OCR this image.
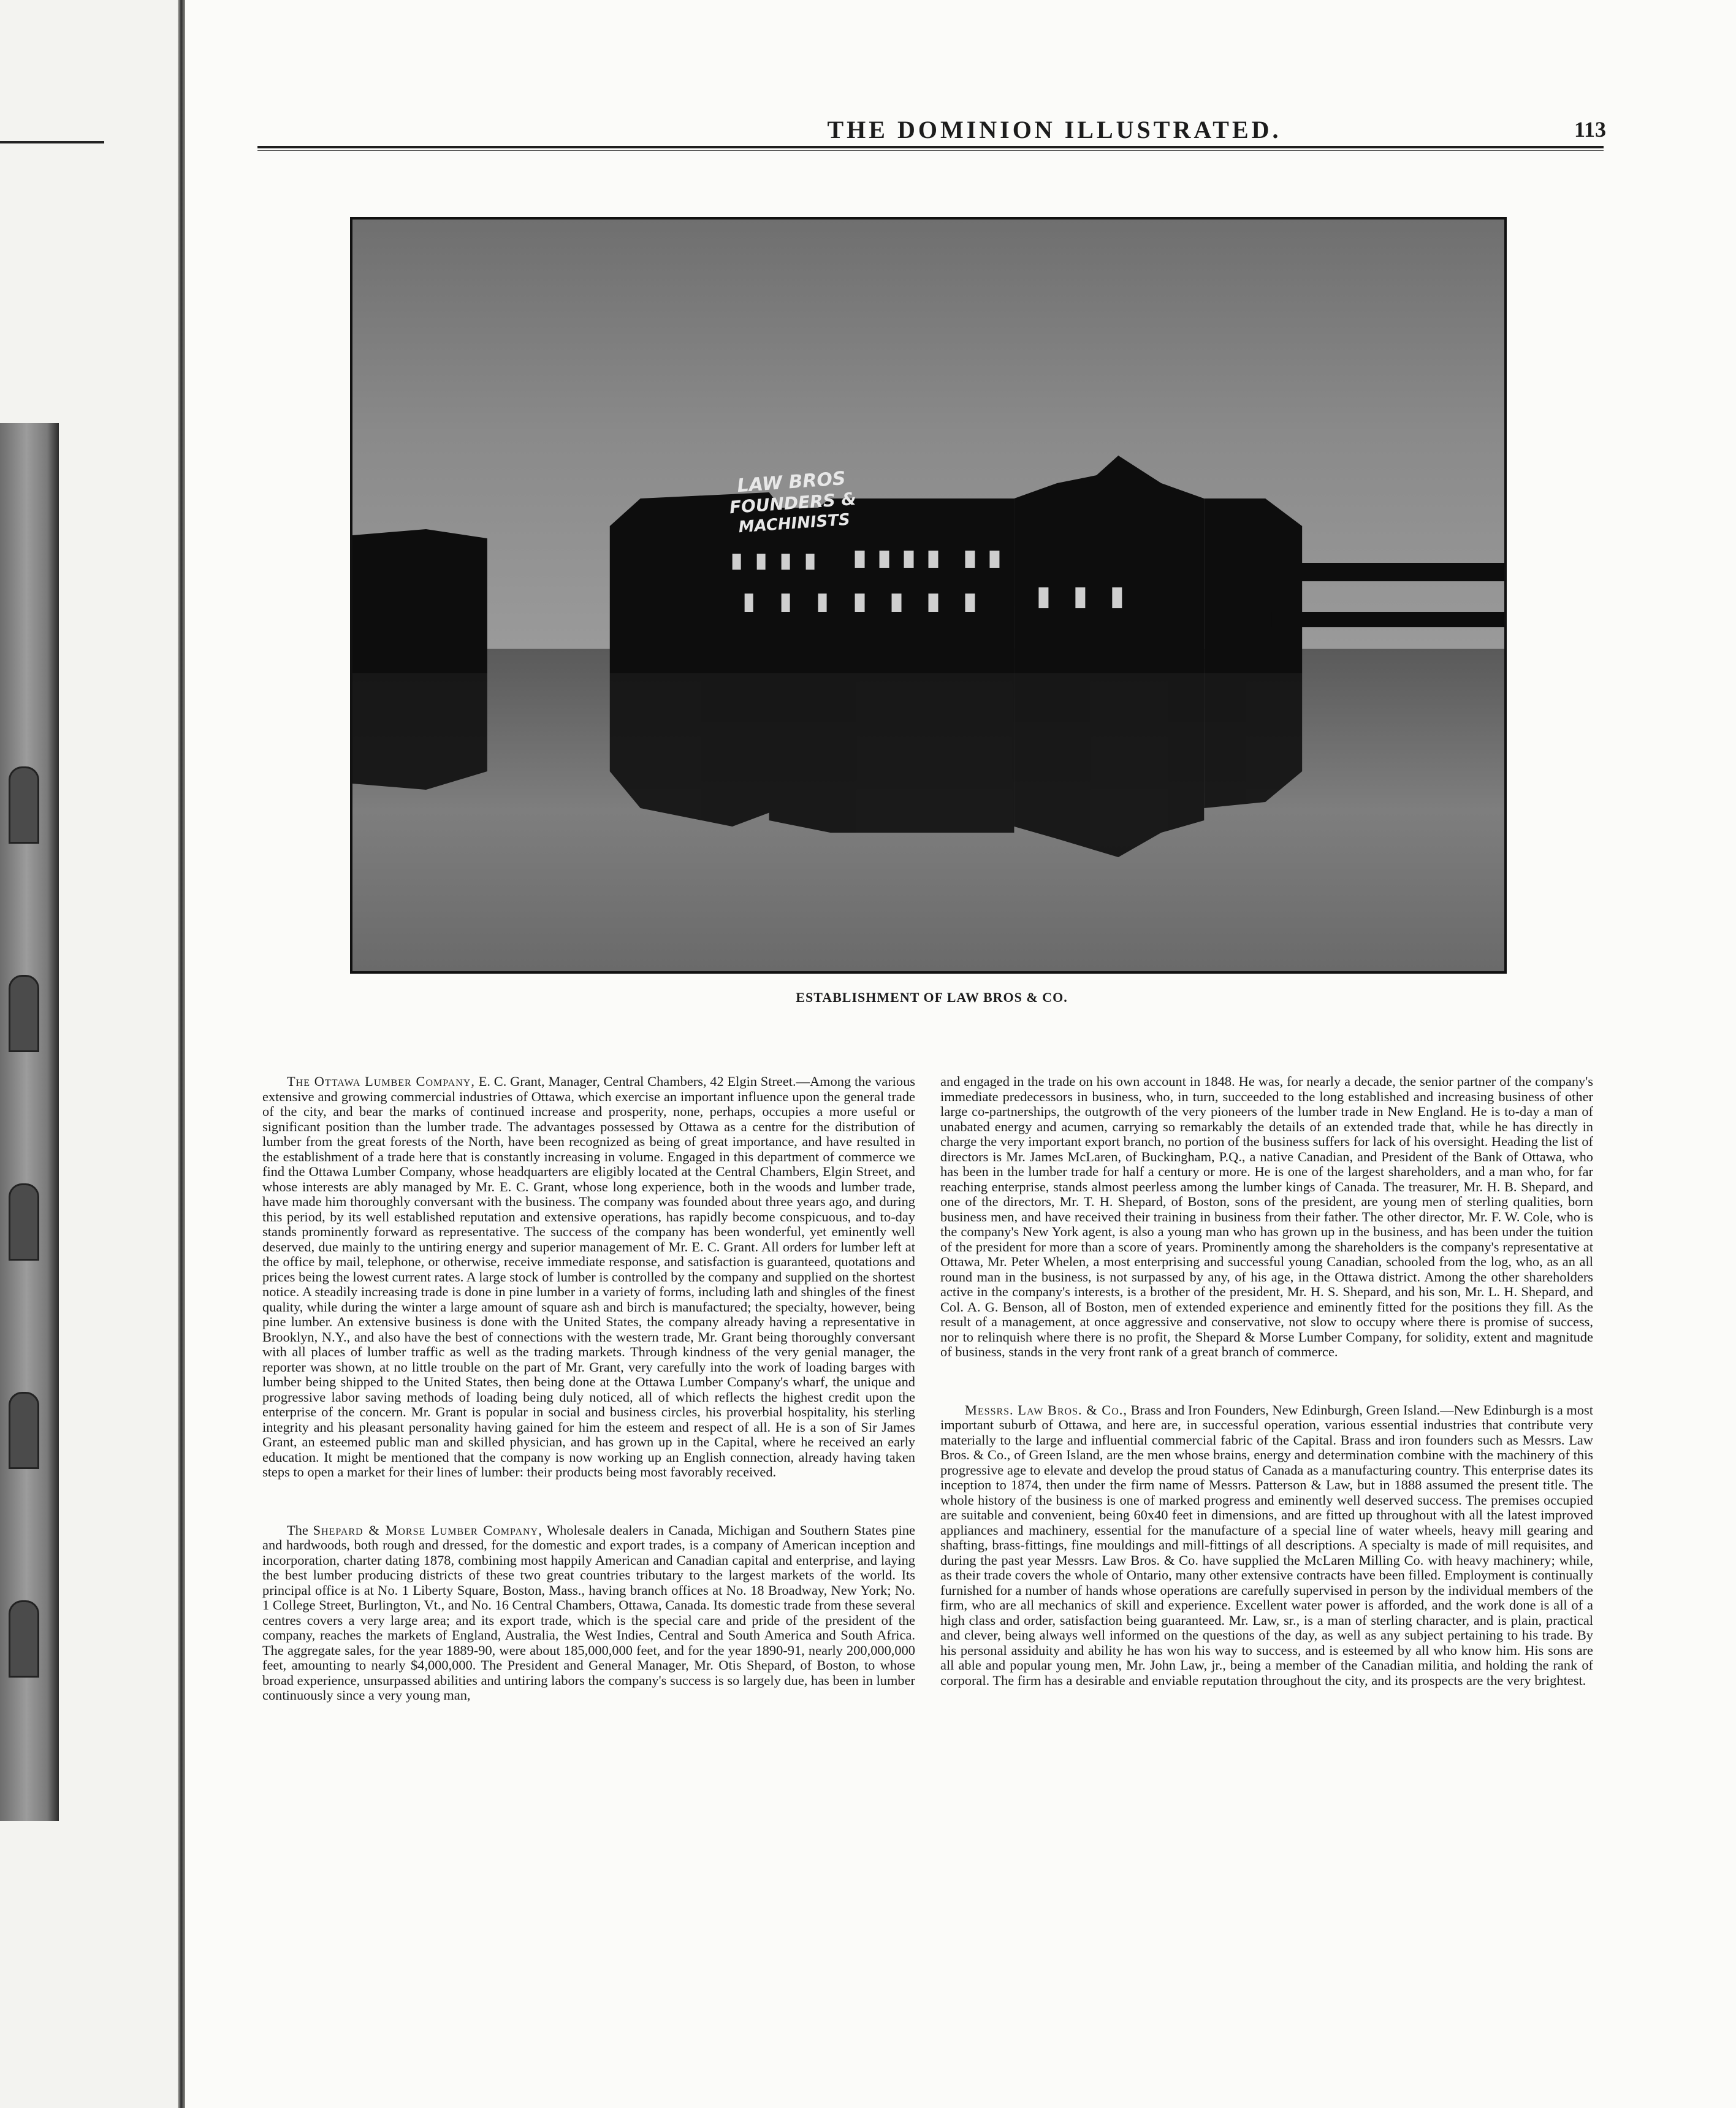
THE DOMINION ILLUSTRATED.	113
LAW BROS
FOUNDERS &
MACHINISTS
ESTABLISHMENT OF LAW BROS & CO.

The Ottawa Lumber Company, E. C. Grant, Manager, Central Chambers, 42 Elgin Street.—Among the various extensive and growing commercial industries of Ottawa, which exercise an important influence upon the general trade of the city, and bear the marks of continued increase and prosperity, none, perhaps, occupies a more useful or significant position than the lumber trade. The advantages possessed by Ottawa as a centre for the distribution of lumber from the great forests of the North, have been recognized as being of great importance, and have resulted in the establishment of a trade here that is constantly increasing in volume. Engaged in this department of commerce we find the Ottawa Lumber Company, whose headquarters are eligibly located at the Central Chambers, Elgin Street, and whose interests are ably managed by Mr. E. C. Grant, whose long experience, both in the woods and lumber trade, have made him thoroughly conversant with the business. The company was founded about three years ago, and during this period, by its well established reputation and extensive operations, has rapidly become conspicuous, and to-day stands prominently forward as representative. The success of the company has been wonderful, yet eminently well deserved, due mainly to the untiring energy and superior management of Mr. E. C. Grant. All orders for lumber left at the office by mail, telephone, or otherwise, receive immediate response, and satisfaction is guaranteed, quotations and prices being the lowest current rates. A large stock of lumber is controlled by the company and supplied on the shortest notice. A steadily increasing trade is done in pine lumber in a variety of forms, including lath and shingles of the finest quality, while during the winter a large amount of square ash and birch is manufactured; the specialty, however, being pine lumber. An extensive business is done with the United States, the company already having a representative in Brooklyn, N.Y., and also have the best of connections with the western trade, Mr. Grant being thoroughly conversant with all places of lumber traffic as well as the trading markets. Through kindness of the very genial manager, the reporter was shown, at no little trouble on the part of Mr. Grant, very carefully into the work of loading barges with lumber being shipped to the United States, then being done at the Ottawa Lumber Company's wharf, the unique and progressive labor saving methods of loading being duly noticed, all of which reflects the highest credit upon the enterprise of the concern. Mr. Grant is popular in social and business circles, his proverbial hospitality, his sterling integrity and his pleasant personality having gained for him the esteem and respect of all. He is a son of Sir James Grant, an esteemed public man and skilled physician, and has grown up in the Capital, where he received an early education. It might be mentioned that the company is now working up an English connection, already having taken steps to open a market for their lines of lumber: their products being most favorably received.

The Shepard & Morse Lumber Company, Wholesale dealers in Canada, Michigan and Southern States pine and hardwoods, both rough and dressed, for the domestic and export trades, is a company of American inception and incorporation, charter dating 1878, combining most happily American and Canadian capital and enterprise, and laying the best lumber producing districts of these two great countries tributary to the largest markets of the world. Its principal office is at No. 1 Liberty Square, Boston, Mass., having branch offices at No. 18 Broadway, New York; No. 1 College Street, Burlington, Vt., and No. 16 Central Chambers, Ottawa, Canada. Its domestic trade from these several centres covers a very large area; and its export trade, which is the special care and pride of the president of the company, reaches the markets of England, Australia, the West Indies, Central and South America and South Africa. The aggregate sales, for the year 1889-90, were about 185,000,000 feet, and for the year 1890-91, nearly 200,000,000 feet, amounting to nearly $4,000,000. The President and General Manager, Mr. Otis Shepard, of Boston, to whose broad experience, unsurpassed abilities and untiring labors the company's success is so largely due, has been in lumber continuously since a very young man,

and engaged in the trade on his own account in 1848. He was, for nearly a decade, the senior partner of the company's immediate predecessors in business, who, in turn, succeeded to the long established and increasing business of other large co-partnerships, the outgrowth of the very pioneers of the lumber trade in New England. He is to-day a man of unabated energy and acumen, carrying so remarkably the details of an extended trade that, while he has directly in charge the very important export branch, no portion of the business suffers for lack of his oversight. Heading the list of directors is Mr. James McLaren, of Buckingham, P.Q., a native Canadian, and President of the Bank of Ottawa, who has been in the lumber trade for half a century or more. He is one of the largest shareholders, and a man who, for far reaching enterprise, stands almost peerless among the lumber kings of Canada. The treasurer, Mr. H. B. Shepard, and one of the directors, Mr. T. H. Shepard, of Boston, sons of the president, are young men of sterling qualities, born business men, and have received their training in business from their father. The other director, Mr. F. W. Cole, who is the company's New York agent, is also a young man who has grown up in the business, and has been under the tuition of the president for more than a score of years. Prominently among the shareholders is the company's representative at Ottawa, Mr. Peter Whelen, a most enterprising and successful young Canadian, schooled from the log, who, as an all round man in the business, is not surpassed by any, of his age, in the Ottawa district. Among the other shareholders active in the company's interests, is a brother of the president, Mr. H. S. Shepard, and his son, Mr. L. H. Shepard, and Col. A. G. Benson, all of Boston, men of extended experience and eminently fitted for the positions they fill. As the result of a management, at once aggressive and conservative, not slow to occupy where there is promise of success, nor to relinquish where there is no profit, the Shepard & Morse Lumber Company, for solidity, extent and magnitude of business, stands in the very front rank of a great branch of commerce.

Messrs. Law Bros. & Co., Brass and Iron Founders, New Edinburgh, Green Island.—New Edinburgh is a most important suburb of Ottawa, and here are, in successful operation, various essential industries that contribute very materially to the large and influential commercial fabric of the Capital. Brass and iron founders such as Messrs. Law Bros. & Co., of Green Island, are the men whose brains, energy and determination combine with the machinery of this progressive age to elevate and develop the proud status of Canada as a manufacturing country. This enterprise dates its inception to 1874, then under the firm name of Messrs. Patterson & Law, but in 1888 assumed the present title. The whole history of the business is one of marked progress and eminently well deserved success. The premises occupied are suitable and convenient, being 60x40 feet in dimensions, and are fitted up throughout with all the latest improved appliances and machinery, essential for the manufacture of a special line of water wheels, heavy mill gearing and shafting, brass-fittings, fine mouldings and mill-fittings of all descriptions. A specialty is made of mill requisites, and during the past year Messrs. Law Bros. & Co. have supplied the McLaren Milling Co. with heavy machinery; while, as their trade covers the whole of Ontario, many other extensive contracts have been filled. Employment is continually furnished for a number of hands whose operations are carefully supervised in person by the individual members of the firm, who are all mechanics of skill and experience. Excellent water power is afforded, and the work done is all of a high class and order, satisfaction being guaranteed. Mr. Law, sr., is a man of sterling character, and is plain, practical and clever, being always well informed on the questions of the day, as well as any subject pertaining to his trade. By his personal assiduity and ability he has won his way to success, and is esteemed by all who know him. His sons are all able and popular young men, Mr. John Law, jr., being a member of the Canadian militia, and holding the rank of corporal. The firm has a desirable and enviable reputation throughout the city, and its prospects are the very brightest.
